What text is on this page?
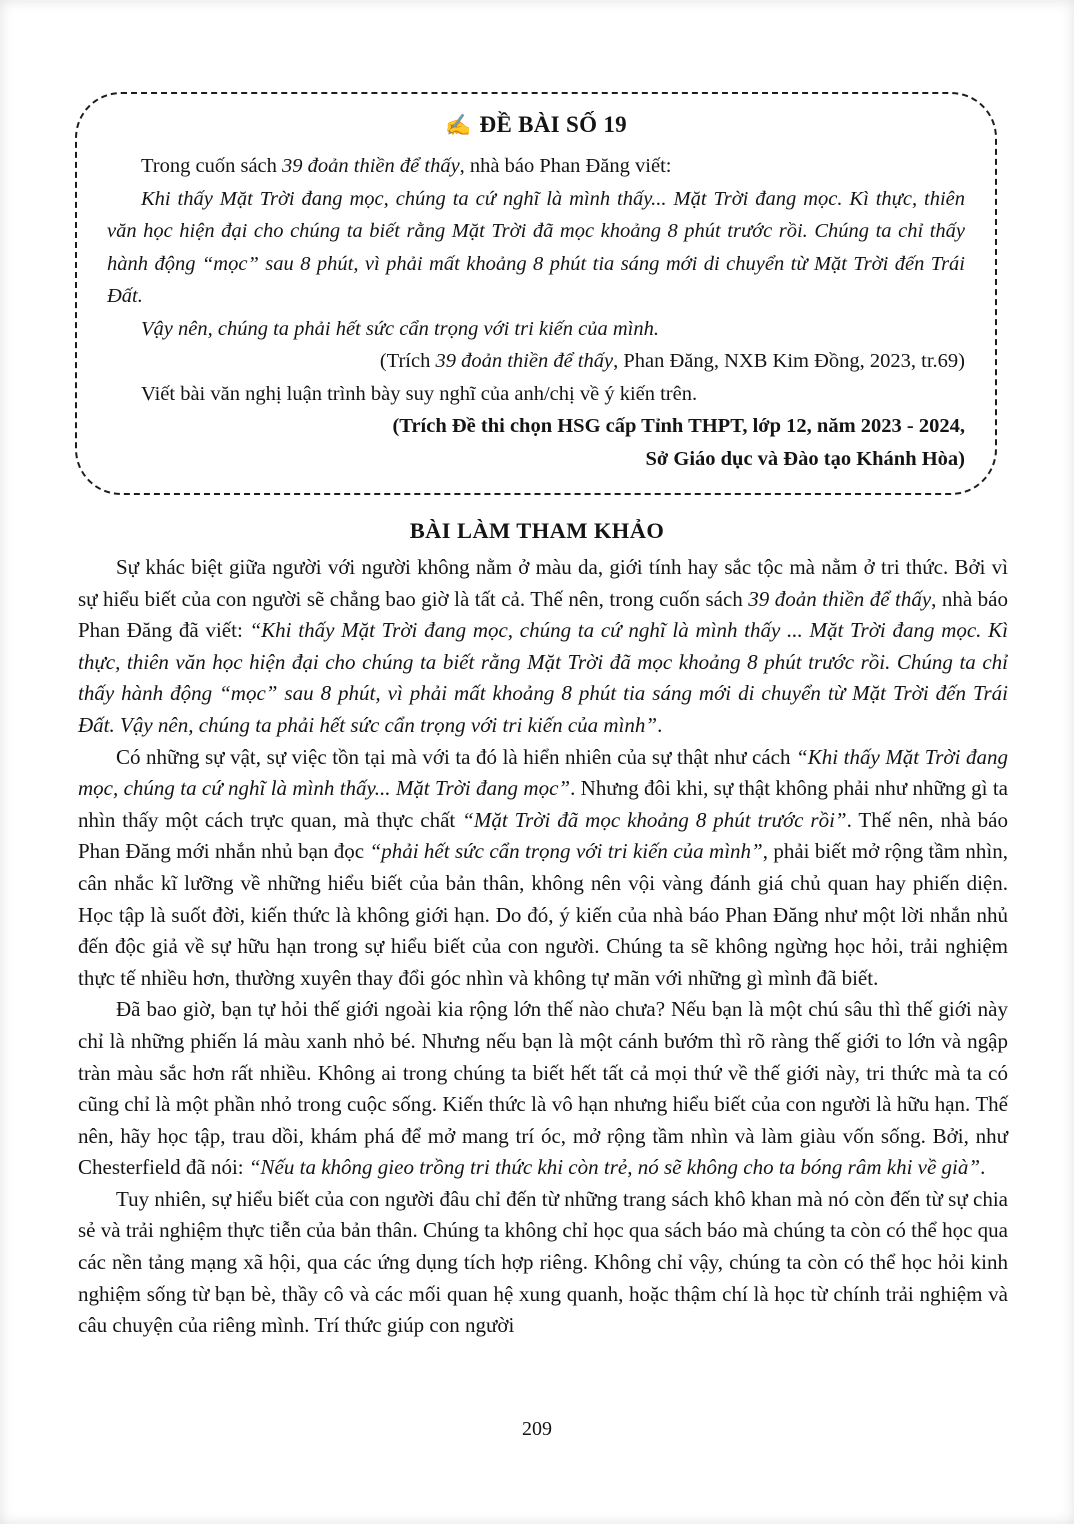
✍ ĐỀ BÀI SỐ 19

Trong cuốn sách 39 đoản thiền để thấy, nhà báo Phan Đăng viết:

Khi thấy Mặt Trời đang mọc, chúng ta cứ nghĩ là mình thấy... Mặt Trời đang mọc. Kì thực, thiên văn học hiện đại cho chúng ta biết rằng Mặt Trời đã mọc khoảng 8 phút trước rồi. Chúng ta chỉ thấy hành động “mọc” sau 8 phút, vì phải mất khoảng 8 phút tia sáng mới di chuyển từ Mặt Trời đến Trái Đất.

Vậy nên, chúng ta phải hết sức cẩn trọng với tri kiến của mình.

(Trích 39 đoản thiền để thấy, Phan Đăng, NXB Kim Đồng, 2023, tr.69)

Viết bài văn nghị luận trình bày suy nghĩ của anh/chị về ý kiến trên.

(Trích Đề thi chọn HSG cấp Tỉnh THPT, lớp 12, năm 2023 - 2024,

Sở Giáo dục và Đào tạo Khánh Hòa)

BÀI LÀM THAM KHẢO

Sự khác biệt giữa người với người không nằm ở màu da, giới tính hay sắc tộc mà nằm ở tri thức. Bởi vì sự hiểu biết của con người sẽ chẳng bao giờ là tất cả. Thế nên, trong cuốn sách 39 đoản thiền để thấy, nhà báo Phan Đăng đã viết: “Khi thấy Mặt Trời đang mọc, chúng ta cứ nghĩ là mình thấy ... Mặt Trời đang mọc. Kì thực, thiên văn học hiện đại cho chúng ta biết rằng Mặt Trời đã mọc khoảng 8 phút trước rồi. Chúng ta chỉ thấy hành động “mọc” sau 8 phút, vì phải mất khoảng 8 phút tia sáng mới di chuyển từ Mặt Trời đến Trái Đất. Vậy nên, chúng ta phải hết sức cẩn trọng với tri kiến của mình”.

Có những sự vật, sự việc tồn tại mà với ta đó là hiển nhiên của sự thật như cách “Khi thấy Mặt Trời đang mọc, chúng ta cứ nghĩ là mình thấy... Mặt Trời đang mọc”. Nhưng đôi khi, sự thật không phải như những gì ta nhìn thấy một cách trực quan, mà thực chất “Mặt Trời đã mọc khoảng 8 phút trước rồi”. Thế nên, nhà báo Phan Đăng mới nhắn nhủ bạn đọc “phải hết sức cẩn trọng với tri kiến của mình”, phải biết mở rộng tầm nhìn, cân nhắc kĩ lưỡng về những hiểu biết của bản thân, không nên vội vàng đánh giá chủ quan hay phiến diện. Học tập là suốt đời, kiến thức là không giới hạn. Do đó, ý kiến của nhà báo Phan Đăng như một lời nhắn nhủ đến độc giả về sự hữu hạn trong sự hiểu biết của con người. Chúng ta sẽ không ngừng học hỏi, trải nghiệm thực tế nhiều hơn, thường xuyên thay đổi góc nhìn và không tự mãn với những gì mình đã biết.

Đã bao giờ, bạn tự hỏi thế giới ngoài kia rộng lớn thế nào chưa? Nếu bạn là một chú sâu thì thế giới này chỉ là những phiến lá màu xanh nhỏ bé. Nhưng nếu bạn là một cánh bướm thì rõ ràng thế giới to lớn và ngập tràn màu sắc hơn rất nhiều. Không ai trong chúng ta biết hết tất cả mọi thứ về thế giới này, tri thức mà ta có cũng chỉ là một phần nhỏ trong cuộc sống. Kiến thức là vô hạn nhưng hiểu biết của con người là hữu hạn. Thế nên, hãy học tập, trau dồi, khám phá để mở mang trí óc, mở rộng tầm nhìn và làm giàu vốn sống. Bởi, như Chesterfield đã nói: “Nếu ta không gieo trồng tri thức khi còn trẻ, nó sẽ không cho ta bóng râm khi về già”.

Tuy nhiên, sự hiểu biết của con người đâu chỉ đến từ những trang sách khô khan mà nó còn đến từ sự chia sẻ và trải nghiệm thực tiễn của bản thân. Chúng ta không chỉ học qua sách báo mà chúng ta còn có thể học qua các nền tảng mạng xã hội, qua các ứng dụng tích hợp riêng. Không chỉ vậy, chúng ta còn có thể học hỏi kinh nghiệm sống từ bạn bè, thầy cô và các mối quan hệ xung quanh, hoặc thậm chí là học từ chính trải nghiệm và câu chuyện của riêng mình. Trí thức giúp con người

209
